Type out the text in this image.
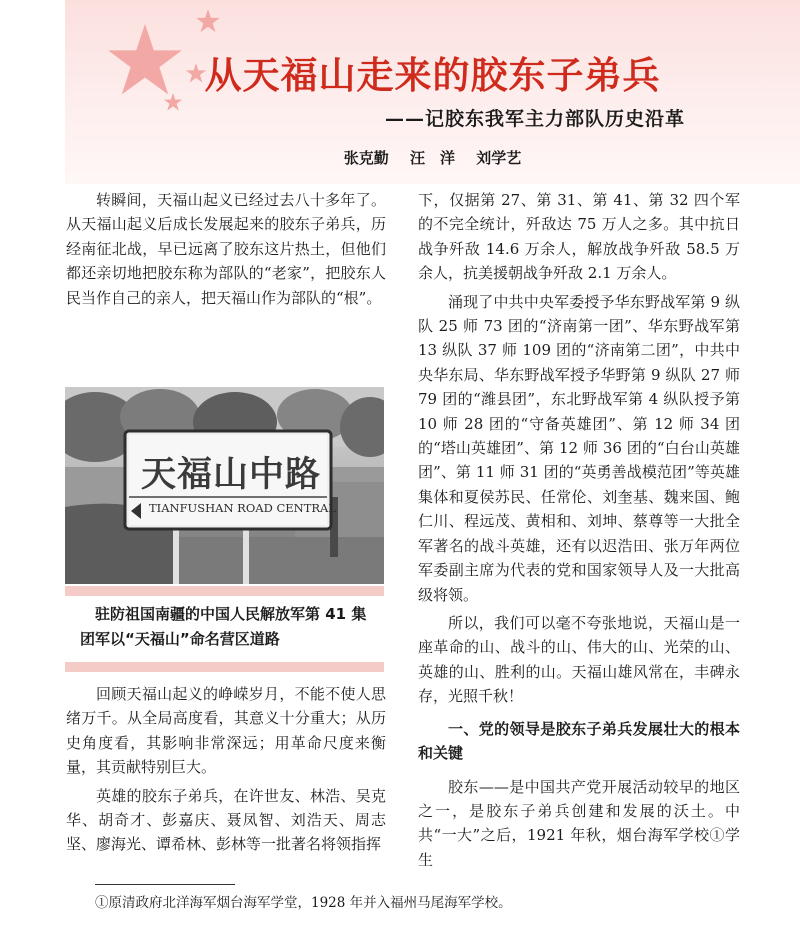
从天福山走来的胶东子弟兵
——记胶东我军主力部队历史沿革
张克勤 汪　洋 刘学艺

转瞬间，天福山起义已经过去八十多年了。从天福山起义后成长发展起来的胶东子弟兵，历经南征北战，早已远离了胶东这片热土，但他们都还亲切地把胶东称为部队的“老家”，把胶东人民当作自己的亲人，把天福山作为部队的“根”。

天福山中路
TIANFUSHAN ROAD CENTRAL
驻防祖国南疆的中国人民解放军第 41 集团军以“天福山”命名营区道路

回顾天福山起义的峥嵘岁月，不能不使人思绪万千。从全局高度看，其意义十分重大；从历史角度看，其影响非常深远；用革命尺度来衡量，其贡献特别巨大。

英雄的胶东子弟兵，在许世友、林浩、吴克华、胡奇才、彭嘉庆、聂凤智、刘浩天、周志坚、廖海光、谭希林、彭林等一批著名将领指挥

下，仅据第 27、第 31、第 41、第 32 四个军的不完全统计，歼敌达 75 万人之多。其中抗日战争歼敌 14.6 万余人，解放战争歼敌 58.5 万余人，抗美援朝战争歼敌 2.1 万余人。

涌现了中共中央军委授予华东野战军第 9 纵队 25 师 73 团的“济南第一团”、华东野战军第 13 纵队 37 师 109 团的“济南第二团”，中共中央华东局、华东野战军授予华野第 9 纵队 27 师 79 团的“潍县团”，东北野战军第 4 纵队授予第 10 师 28 团的“守备英雄团”、第 12 师 34 团的“塔山英雄团”、第 12 师 36 团的“白台山英雄团”、第 11 师 31 团的“英勇善战模范团”等英雄集体和夏侯苏民、任常伦、刘奎基、魏来国、鲍仁川、程远茂、黄相和、刘坤、蔡尊等一大批全军著名的战斗英雄，还有以迟浩田、张万年两位军委副主席为代表的党和国家领导人及一大批高级将领。

所以，我们可以毫不夸张地说，天福山是一座革命的山、战斗的山、伟大的山、光荣的山、英雄的山、胜利的山。天福山雄风常在，丰碑永存，光照千秋！

一、党的领导是胶东子弟兵发展壮大的根本和关键

胶东——是中国共产党开展活动较早的地区之一，是胶东子弟兵创建和发展的沃土。中共“一大”之后，1921 年秋，烟台海军学校①学生

①原清政府北洋海军烟台海军学堂，1928 年并入福州马尾海军学校。
